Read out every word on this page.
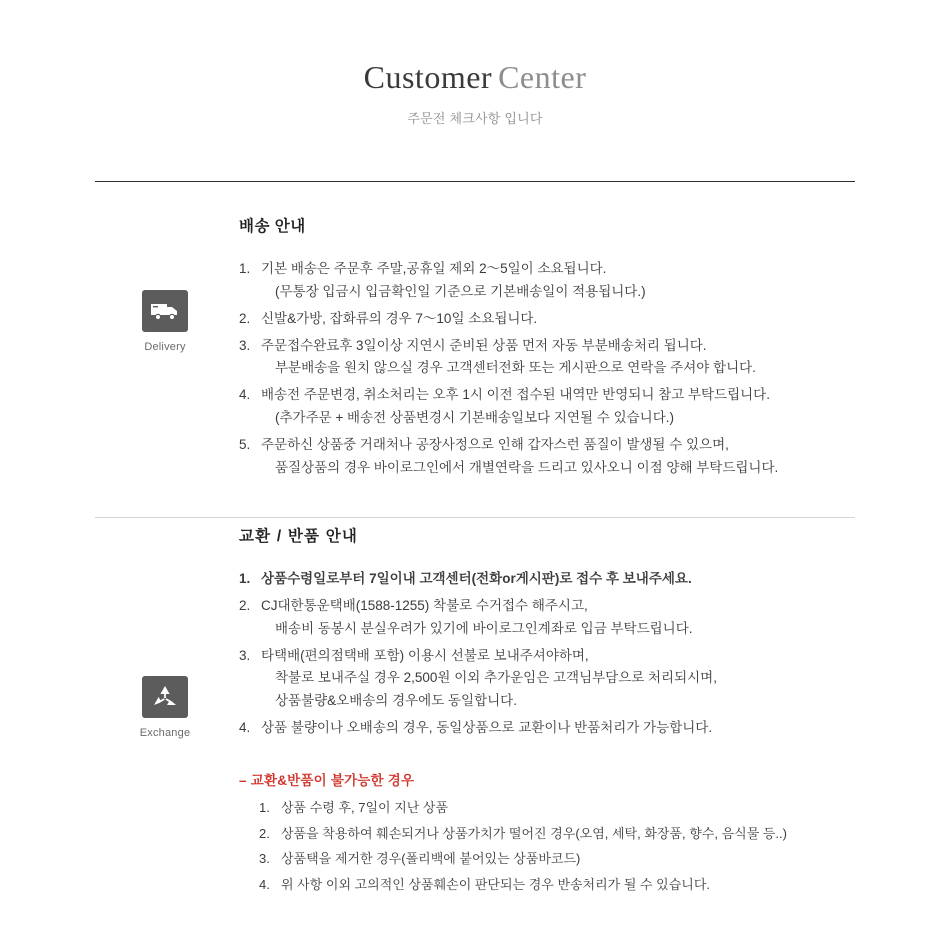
Customer Center
주문전 체크사항 입니다
Delivery
배송 안내
1. 기본 배송은 주문후 주말,공휴일 제외 2〜5일이 소요됩니다.
(무통장 입금시 입금확인일 기준으로 기본배송일이 적용됩니다.)
2. 신발&가방, 잡화류의 경우 7〜10일 소요됩니다.
3. 주문접수완료후 3일이상 지연시 준비된 상품 먼저 자동 부분배송처리 됩니다.
부분배송을 원치 않으실 경우 고객센터전화 또는 게시판으로 연락을 주셔야 합니다.
4. 배송전 주문변경, 취소처리는 오후 1시 이전 접수된 내역만 반영되니 참고 부탁드립니다.
(추가주문 + 배송전 상품변경시 기본배송일보다 지연될 수 있습니다.)
5. 주문하신 상품중 거래처나 공장사정으로 인해 갑자스런 품질이 발생될 수 있으며,
품질상품의 경우 바이로그인에서 개별연락을 드리고 있사오니 이점 양해 부탁드립니다.
Exchange
교환 / 반품 안내
1. 상품수령일로부터 7일이내 고객센터(전화or게시판)로 접수 후 보내주세요.
2. CJ대한통운택배(1588-1255) 착불로 수거접수 해주시고,
배송비 동봉시 분실우려가 있기에 바이로그인계좌로 입금 부탁드립니다.
3. 타택배(편의점택배 포함) 이용시 선불로 보내주셔야하며,
착불로 보내주실 경우 2,500원 이외 추가운임은 고객님부담으로 처리되시며,
상품불량&오배송의 경우에도 동일합니다.
4. 상품 불량이나 오배송의 경우, 동일상품으로 교환이나 반품처리가 가능합니다.
– 교환&반품이 불가능한 경우
1. 상품 수령 후, 7일이 지난 상품
2. 상품을 착용하여 훼손되거나 상품가치가 떨어진 경우(오염, 세탁, 화장품, 향수, 음식물 등..)
3. 상품택을 제거한 경우(폴리백에 붙어있는 상품바코드)
4. 위 사항 이외 고의적인 상품훼손이 판단되는 경우 반송처리가 될 수 있습니다.
